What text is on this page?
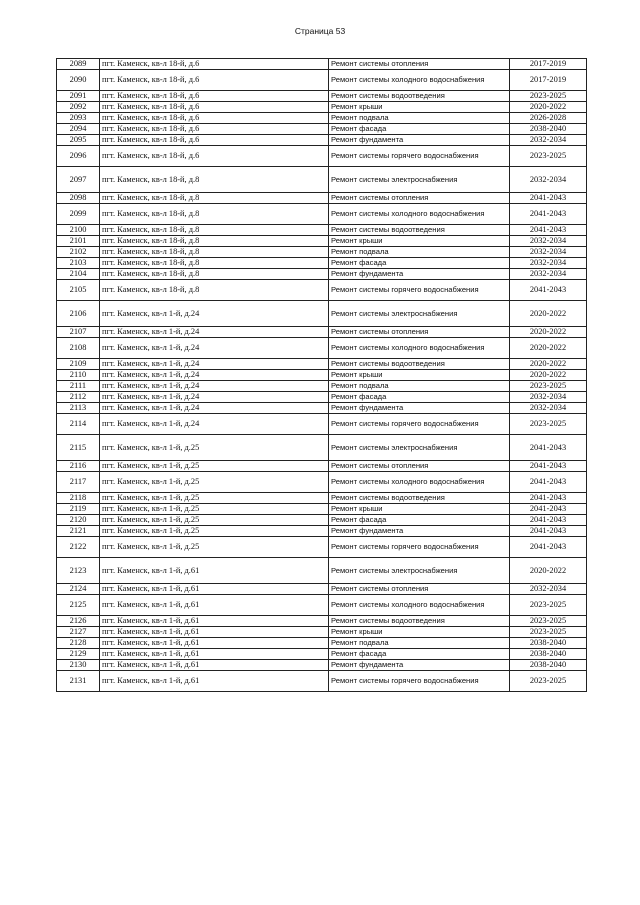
Страница 53
2089	пгт. Каменск, кв-л 18-й, д.6	Ремонт системы отопления	2017-2019
2090	пгт. Каменск, кв-л 18-й, д.6	Ремонт системы холодного водоснабжения	2017-2019
2091	пгт. Каменск, кв-л 18-й, д.6	Ремонт системы водоотведения	2023-2025
2092	пгт. Каменск, кв-л 18-й, д.6	Ремонт крыши	2020-2022
2093	пгт. Каменск, кв-л 18-й, д.6	Ремонт подвала	2026-2028
2094	пгт. Каменск, кв-л 18-й, д.6	Ремонт фасада	2038-2040
2095	пгт. Каменск, кв-л 18-й, д.6	Ремонт фундамента	2032-2034
2096	пгт. Каменск, кв-л 18-й, д.6	Ремонт системы горячего водоснабжения	2023-2025
2097	пгт. Каменск, кв-л 18-й, д.8	Ремонт системы электроснабжения	2032-2034
2098	пгт. Каменск, кв-л 18-й, д.8	Ремонт системы отопления	2041-2043
2099	пгт. Каменск, кв-л 18-й, д.8	Ремонт системы холодного водоснабжения	2041-2043
2100	пгт. Каменск, кв-л 18-й, д.8	Ремонт системы водоотведения	2041-2043
2101	пгт. Каменск, кв-л 18-й, д.8	Ремонт крыши	2032-2034
2102	пгт. Каменск, кв-л 18-й, д.8	Ремонт подвала	2032-2034
2103	пгт. Каменск, кв-л 18-й, д.8	Ремонт фасада	2032-2034
2104	пгт. Каменск, кв-л 18-й, д.8	Ремонт фундамента	2032-2034
2105	пгт. Каменск, кв-л 18-й, д.8	Ремонт системы горячего водоснабжения	2041-2043
2106	пгт. Каменск, кв-л 1-й, д.24	Ремонт системы электроснабжения	2020-2022
2107	пгт. Каменск, кв-л 1-й, д.24	Ремонт системы отопления	2020-2022
2108	пгт. Каменск, кв-л 1-й, д.24	Ремонт системы холодного водоснабжения	2020-2022
2109	пгт. Каменск, кв-л 1-й, д.24	Ремонт системы водоотведения	2020-2022
2110	пгт. Каменск, кв-л 1-й, д.24	Ремонт крыши	2020-2022
2111	пгт. Каменск, кв-л 1-й, д.24	Ремонт подвала	2023-2025
2112	пгт. Каменск, кв-л 1-й, д.24	Ремонт фасада	2032-2034
2113	пгт. Каменск, кв-л 1-й, д.24	Ремонт фундамента	2032-2034
2114	пгт. Каменск, кв-л 1-й, д.24	Ремонт системы горячего водоснабжения	2023-2025
2115	пгт. Каменск, кв-л 1-й, д.25	Ремонт системы электроснабжения	2041-2043
2116	пгт. Каменск, кв-л 1-й, д.25	Ремонт системы отопления	2041-2043
2117	пгт. Каменск, кв-л 1-й, д.25	Ремонт системы холодного водоснабжения	2041-2043
2118	пгт. Каменск, кв-л 1-й, д.25	Ремонт системы водоотведения	2041-2043
2119	пгт. Каменск, кв-л 1-й, д.25	Ремонт крыши	2041-2043
2120	пгт. Каменск, кв-л 1-й, д.25	Ремонт фасада	2041-2043
2121	пгт. Каменск, кв-л 1-й, д.25	Ремонт фундамента	2041-2043
2122	пгт. Каменск, кв-л 1-й, д.25	Ремонт системы горячего водоснабжения	2041-2043
2123	пгт. Каменск, кв-л 1-й, д.61	Ремонт системы электроснабжения	2020-2022
2124	пгт. Каменск, кв-л 1-й, д.61	Ремонт системы отопления	2032-2034
2125	пгт. Каменск, кв-л 1-й, д.61	Ремонт системы холодного водоснабжения	2023-2025
2126	пгт. Каменск, кв-л 1-й, д.61	Ремонт системы водоотведения	2023-2025
2127	пгт. Каменск, кв-л 1-й, д.61	Ремонт крыши	2023-2025
2128	пгт. Каменск, кв-л 1-й, д.61	Ремонт подвала	2038-2040
2129	пгт. Каменск, кв-л 1-й, д.61	Ремонт фасада	2038-2040
2130	пгт. Каменск, кв-л 1-й, д.61	Ремонт фундамента	2038-2040
2131	пгт. Каменск, кв-л 1-й, д.61	Ремонт системы горячего водоснабжения	2023-2025
